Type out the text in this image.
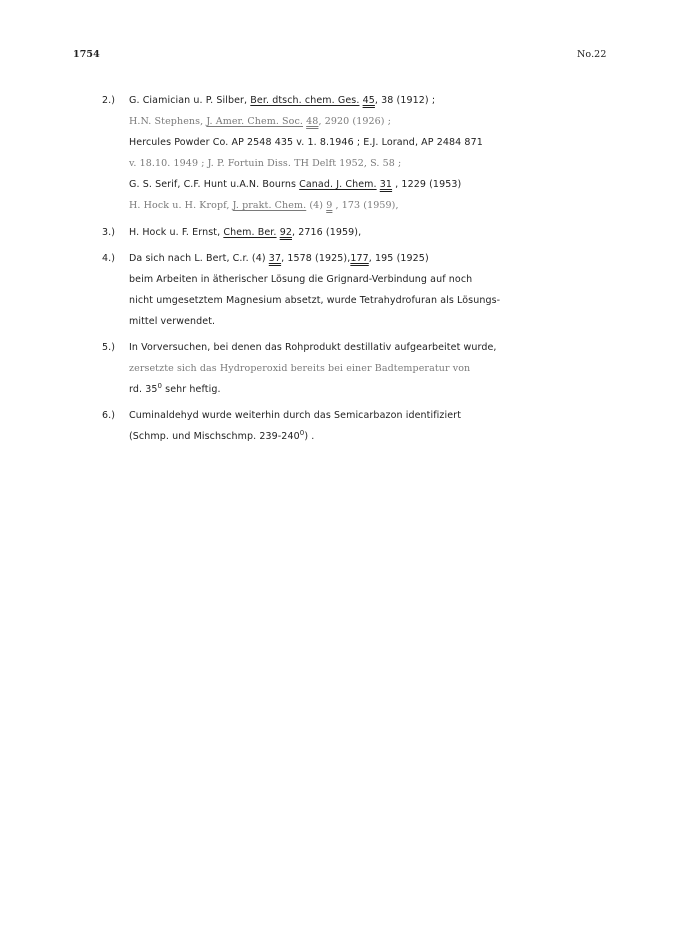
1754	No.22
2.) G. Ciamician u. P. Silber, Ber. dtsch. chem. Ges. 45, 38 (1912) ;
H.N. Stephens, J. Amer. Chem. Soc. 48, 2920 (1926) ;
Hercules Powder Co. AP 2548 435 v. 1. 8.1946 ; E.J. Lorand, AP 2484 871
v. 18.10. 1949 ; J. P. Fortuin Diss. TH Delft 1952, S. 58 ;
G. S. Serif, C.F. Hunt u.A.N. Bourns Canad. J. Chem. 31 , 1229 (1953)
H. Hock u. H. Kropf, J. prakt. Chem. (4) 9 , 173 (1959),
3.) H. Hock u. F. Ernst, Chem. Ber. 92, 2716 (1959),
4.) Da sich nach L. Bert, C.r. (4) 37, 1578 (1925),177, 195 (1925)
beim Arbeiten in ätherischer Lösung die Grignard-Verbindung auf noch
nicht umgesetztem Magnesium absetzt, wurde Tetrahydrofuran als Lösungs-
mittel verwendet.
5.) In Vorversuchen, bei denen das Rohprodukt destillativ aufgearbeitet wurde,
zersetzte sich das Hydroperoxid bereits bei einer Badtemperatur von
rd. $35^0$ sehr heftig.
6.) Cuminaldehyd wurde weiterhin durch das Semicarbazon identifiziert
(Schmp. und Mischschmp. $239-240^0$) .
